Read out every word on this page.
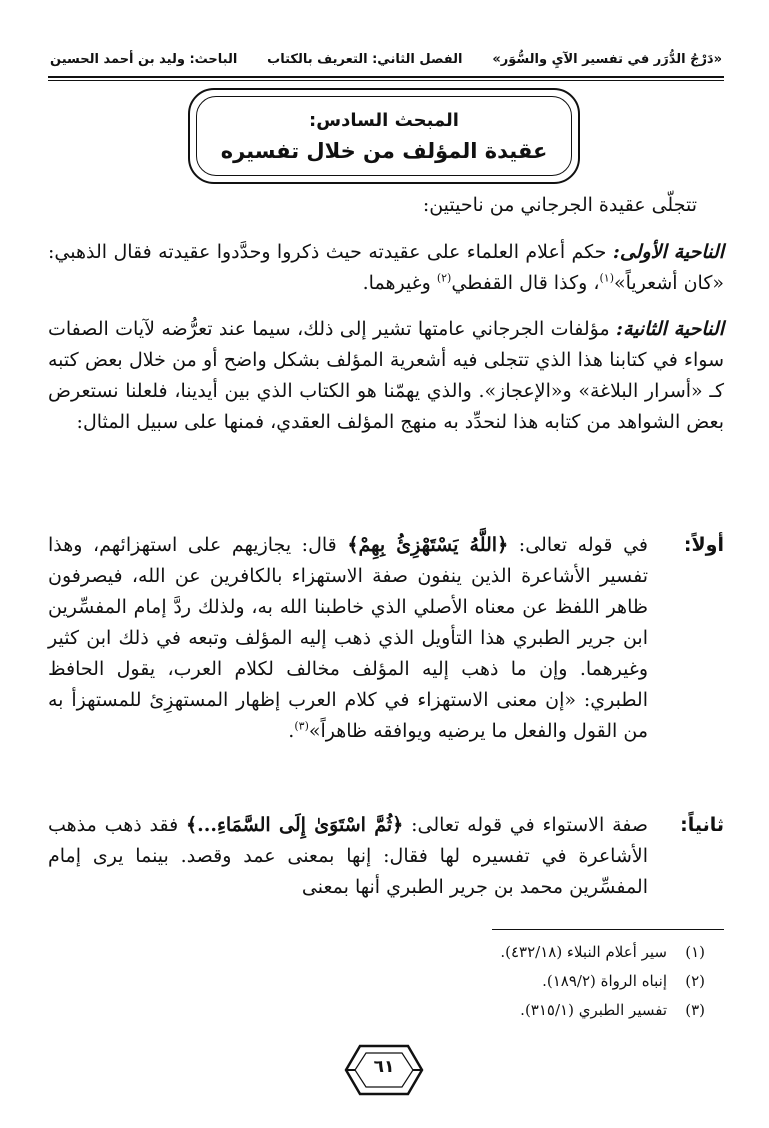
«دَرْجُ الدُّرَر في تفسير الآيِ والسُّوَر»
الفصل الثاني: التعريف بالكتاب
الباحث: وليد بن أحمد الحسين
المبحث السادس:
عقيدة المؤلف من خلال تفسيره
تتجلّى عقيدة الجرجاني من ناحيتين:
الناحية الأولى: حكم أعلام العلماء على عقيدته حيث ذكروا وحدَّدوا عقيدته فقال الذهبي: «كان أشعرياً»$^{(١)}$، وكذا قال القفطي$^{(٢)}$ وغيرهما.
الناحية الثانية: مؤلفات الجرجاني عامتها تشير إلى ذلك، سيما عند تعرُّضه لآيات الصفات سواء في كتابنا هذا الذي تتجلى فيه أشعرية المؤلف بشكل واضح أو من خلال بعض كتبه كـ «أسرار البلاغة» و«الإعجاز». والذي يهمّنا هو الكتاب الذي بين أيدينا، فلعلنا نستعرض بعض الشواهد من كتابه هذا لنحدِّد به منهج المؤلف العقدي، فمنها على سبيل المثال:
أولاً:
في قوله تعالى: ﴿اللَّهُ يَسْتَهْزِئُ بِهِمْ﴾ قال: يجازيهم على استهزائهم، وهذا تفسير الأشاعرة الذين ينفون صفة الاستهزاء بالكافرين عن الله، فيصرفون ظاهر اللفظ عن معناه الأصلي الذي خاطبنا الله به، ولذلك ردَّ إمام المفسِّرين ابن جرير الطبري هذا التأويل الذي ذهب إليه المؤلف وتبعه في ذلك ابن كثير وغيرهما. وإن ما ذهب إليه المؤلف مخالف لكلام العرب، يقول الحافظ الطبري: «إن معنى الاستهزاء في كلام العرب إظهار المستهزِئ للمستهزأ به من القول والفعل ما يرضيه ويوافقه ظاهراً»$^{(٣)}$.
ثانياً:
صفة الاستواء في قوله تعالى: ﴿ثُمَّ اسْتَوَىٰ إِلَى السَّمَاءِ...﴾ فقد ذهب مذهب الأشاعرة في تفسيره لها فقال: إنها بمعنى عمد وقصد. بينما يرى إمام المفسِّرين محمد بن جرير الطبري أنها بمعنى
(١)
سير أعلام النبلاء (٤٣٢/١٨).
(٢)
إنباه الرواة (١٨٩/٢).
(٣)
تفسير الطبري (٣١٥/١).
٦١
